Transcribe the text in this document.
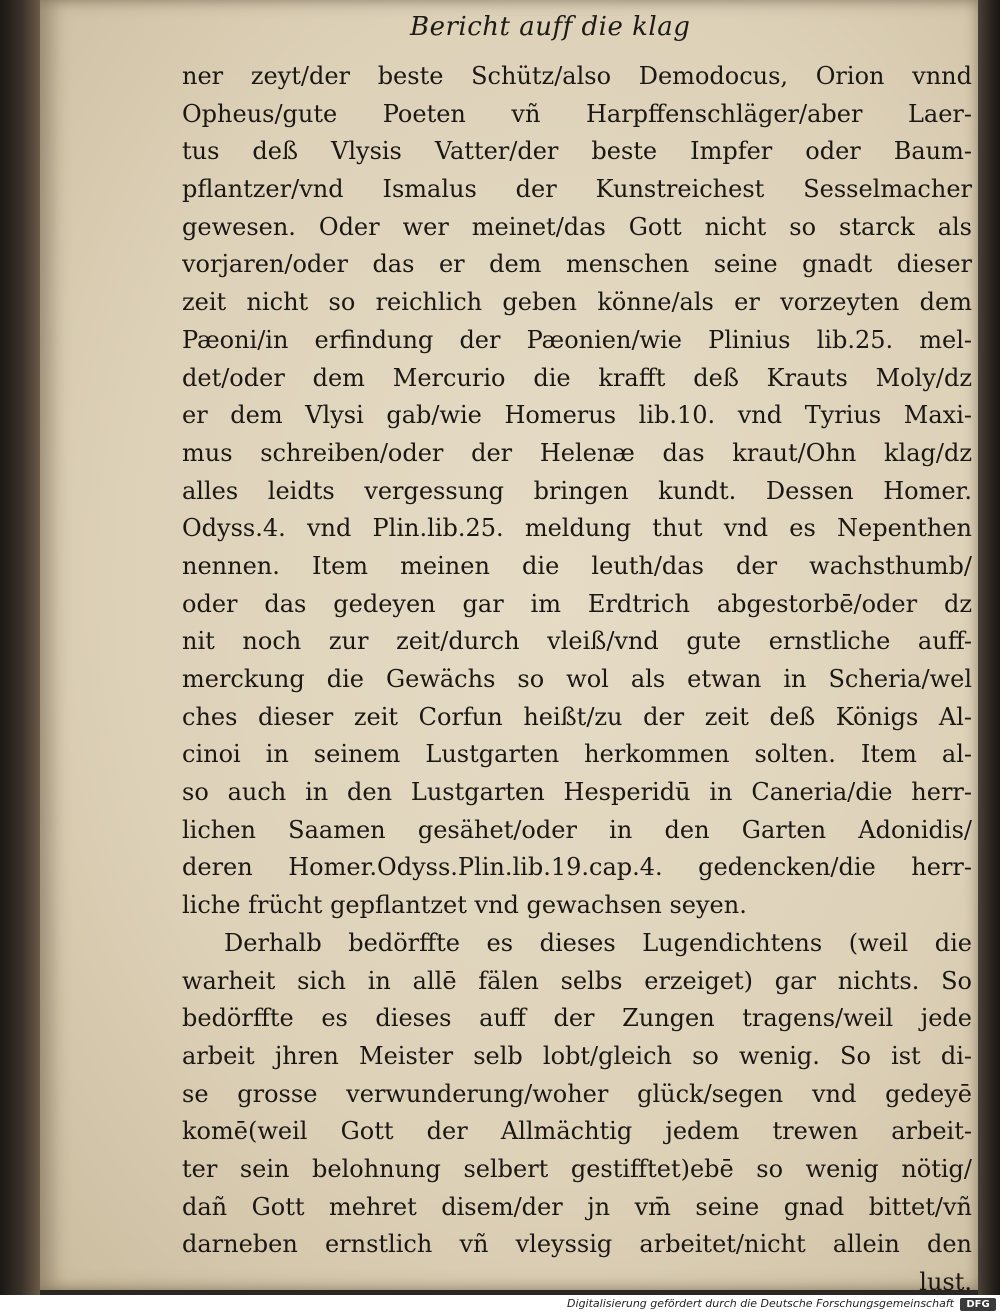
Bericht auff die klag
ner zeyt/der beste Schütz/also Demodocus, Orion vnnd
Opheus/gute Poeten vñ Harpffenschläger/aber Laer-
tus deß Vlysis Vatter/der beste Impfer oder Baum-
pflantzer/vnd Ismalus der Kunstreichest Sesselmacher
gewesen. Oder wer meinet/das Gott nicht so starck als
vorjaren/oder das er dem menschen seine gnadt dieser
zeit nicht so reichlich geben könne/als er vorzeyten dem
Pæoni/in erfindung der Pæonien/wie Plinius lib.25. mel-
det/oder dem Mercurio die krafft deß Krauts Moly/dz
er dem Vlysi gab/wie Homerus lib.10. vnd Tyrius Maxi-
mus schreiben/oder der Helenæ das kraut/Ohn klag/dz
alles leidts vergessung bringen kundt. Dessen Homer.
Odyss.4. vnd Plin.lib.25. meldung thut vnd es Nepenthen
nennen. Item meinen die leuth/das der wachsthumb/
oder das gedeyen gar im Erdtrich abgestorbē/oder dz
nit noch zur zeit/durch vleiß/vnd gute ernstliche auff-
merckung die Gewächs so wol als etwan in Scheria/wel
ches dieser zeit Corfun heißt/zu der zeit deß Königs Al-
cinoi in seinem Lustgarten herkommen solten. Item al-
so auch in den Lustgarten Hesperidū in Caneria/die herr-
lichen Saamen gesähet/oder in den Garten Adonidis/
deren Homer.Odyss.Plin.lib.19.cap.4. gedencken/die herr-
liche frücht gepflantzet vnd gewachsen seyen.
Derhalb bedörffte es dieses Lugendichtens (weil die
warheit sich in allē fälen selbs erzeiget) gar nichts. So
bedörffte es dieses auff der Zungen tragens/weil jede
arbeit jhren Meister selb lobt/gleich so wenig. So ist di-
se grosse verwunderung/woher glück/segen vnd gedeyē
komē(weil Gott der Allmächtig jedem trewen arbeit-
ter sein belohnung selbert gestifftet)ebē so wenig nötig/
dañ Gott mehret disem/der jn vm̄ seine gnad bittet/vñ
darneben ernstlich vñ vleyssig arbeitet/nicht allein den
lust.
Digitalisierung gefördert durch die Deutsche Forschungsgemeinschaft	DFG
